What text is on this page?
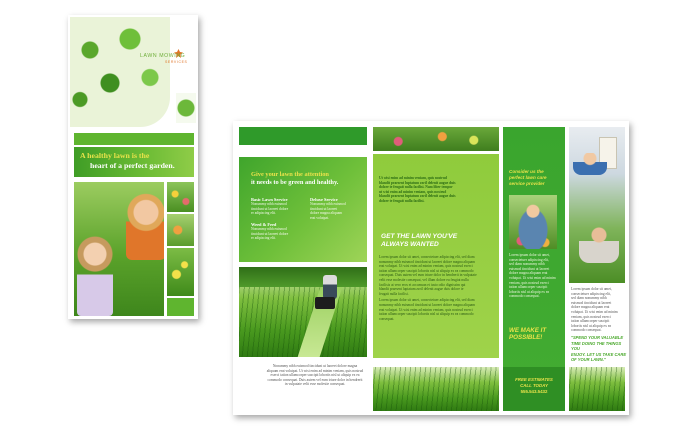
LAWN MOWING
SERVICES
A healthy lawn is the
heart of a perfect garden.
Give your lawn the attention
it needs to be green and healthy.
Basic Lawn Service
Nonummy nibh euismod
tincidunt ut laoreet dolore
er adipiscing elit.
Deluxe Service
Nonummy nibh euismod
tincidunt ut laoreet
dolore magna aliquam
erat volutpat.
Weed & Feed
Nonummy nibh euismod
tincidunt ut laoreet dolore
er adipiscing elit.
Nonummy nibh euismod tincidunt ut laoreet dolore magna
aliquam erat volutpat. Ut wisi enim ad minim veniam, quis nostrud
exerci tation ullamcorper suscipit lobortis nisl ut aliquip ex ea
commodo consequat. Duis autem vel eum iriure dolor in hendrerit
in vulputate velit esse molestie consequat.
Ut wisi enim ad minim veniam, quis nostrud
blandit praesent luptatum zzril delenit augue duis
dolore te feugait nulla facilisi. Nam liber tempor
ut wisi enim ad minim veniam, quis nostrud
blandit praesent luptatum zzril delenit augue duis
dolore te feugait nulla facilisi.
GET THE LAWN YOU'VE
ALWAYS WANTED
Lorem ipsum dolor sit amet, consectetuer adipiscing elit, sed diam
nonummy nibh euismod tincidunt ut laoreet dolore magna aliquam
erat volutpat. Ut wisi enim ad minim veniam, quis nostrud exerci
tation ullamcorper suscipit lobortis nisl ut aliquip ex ea commodo
consequat. Duis autem vel eum iriure dolor in hendrerit in vulputate
velit esse molestie consequat, vel illum dolore eu feugiat nulla
facilisis at vero eros et accumsan et iusto odio dignissim qui
blandit praesent luptatum zzril delenit augue duis dolore te
feugait nulla facilisi.
Lorem ipsum dolor sit amet, consectetuer adipiscing elit, sed diam
nonummy nibh euismod tincidunt ut laoreet dolore magna aliquam
erat volutpat. Ut wisi enim ad minim veniam, quis nostrud exerci
tation ullamcorper suscipit lobortis nisl ut aliquip ex ea commodo
consequat.
Consider us the
perfect lawn care
service provider
Lorem ipsum dolor sit amet,
consectetuer adipiscing elit,
sed diam nonummy nibh
euismod tincidunt ut laoreet
dolore magna aliquam erat
volutpat. Ut wisi enim ad minim
veniam, quis nostrud exerci
tation ullamcorper suscipit
lobortis nisl ut aliquip ex ea
commodo consequat.
WE MAKE IT
POSSIBLE!
FREE ESTIMATES
CALL TODAY
555.543.5432
Lorem ipsum dolor sit amet,
consectetuer adipiscing elit,
sed diam nonummy nibh
euismod tincidunt ut laoreet
dolore magna aliquam erat
volutpat. Ut wisi enim ad minim
veniam, quis nostrud exerci
tation ullamcorper suscipit
lobortis nisl ut aliquip ex ea
commodo consequat.
"SPEND YOUR VALUABLE
TIME DOING THE THINGS YOU
ENJOY. LET US TAKE CARE
OF YOUR LAWN."
